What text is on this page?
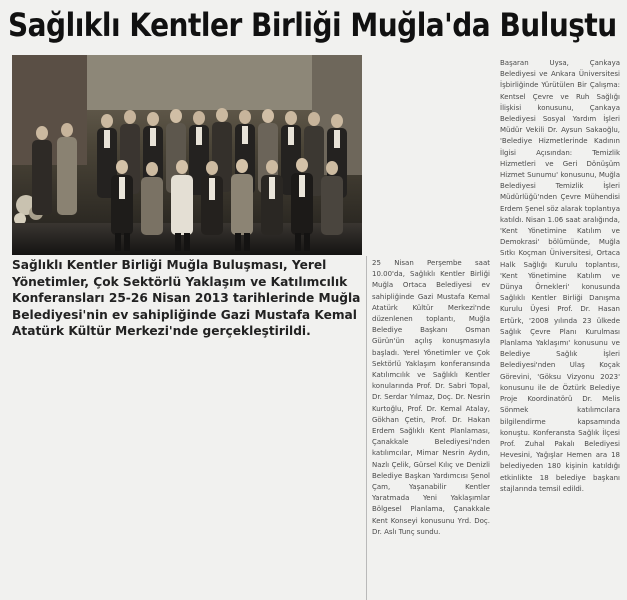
Sağlıklı Kentler Birliği Muğla'da Buluştu
Sağlıklı Kentler Birliği Muğla Buluşması, Yerel Yönetimler, Çok Sektörlü Yaklaşım ve Katılımcılık Konferansları 25-26 Nisan 2013 tarihlerinde Muğla Belediyesi'nin ev sahipliğinde Gazi Mustafa Kemal Atatürk Kültür Merkezi'nde gerçekleştirildi.
Başaran Uysa, Çankaya Belediyesi ve Ankara Üniversitesi İşbirliğinde Yürütülen Bir Çalışma: Kentsel Çevre ve Ruh Sağlığı İlişkisi konusunu, Çankaya Belediyesi Sosyal Yardım İşleri Müdür Vekili Dr. Aysun Sakaoğlu, 'Belediye Hizmetlerinde Kadının İlgisi Açısından: Temizlik Hizmetleri ve Geri Dönüşüm Hizmet Sunumu' konusunu, Muğla Belediyesi Temizlik İşleri Müdürlüğü'nden Çevre Mühendisi Erdem Şenel söz alarak toplantıya katıldı. Nisan 1.06 saat aralığında, 'Kent Yönetimine Katılım ve Demokrasi' bölümünde, Muğla Sıtkı Koçman Üniversitesi, Ortaca Halk Sağlığı Kurulu toplantısı, 'Kent Yönetimine Katılım ve Dünya Örnekleri' konusunda Sağlıklı Kentler Birliği Danışma Kurulu Üyesi Prof. Dr. Hasan Ertürk, '2008 yılında 23 ülkede Sağlık Çevre Planı Kurulması Planlama Yaklaşımı' konusunu ve Belediye Sağlık İşleri Belediyesi'nden Ulaş Koçak Görevini, 'Göksu Vizyonu 2023' konusunu ile de Öztürk Belediye Proje Koordinatörü Dr. Melis Sönmek katılımcılara bilgilendirme kapsamında konuştu. Konferansta Sağlık İlçesi Prof. Zuhal Pakalı Belediyesi Hevesini, Yağışlar Hemen ara 18 belediyeden 180 kişinin katıldığı etkinlikte 18 belediye başkanı stajlarında temsil edildi.
25 Nisan Perşembe saat 10.00'da, Sağlıklı Kentler Birliği Muğla Ortaca Belediyesi ev sahipliğinde Gazi Mustafa Kemal Atatürk Kültür Merkezi'nde düzenlenen toplantı, Muğla Belediye Başkanı Osman Gürün'ün açılış konuşmasıyla başladı. Yerel Yönetimler ve Çok Sektörlü Yaklaşım konferansında Katılımcılık ve Sağlıklı Kentler konularında Prof. Dr. Sabri Topal, Dr. Serdar Yılmaz, Doç. Dr. Nesrin Kurtoğlu, Prof. Dr. Kemal Atalay, Gökhan Çetin, Prof. Dr. Hakan Erdem Sağlıklı Kent Planlaması, Çanakkale Belediyesi'nden katılımcılar, Mimar Nesrin Aydın, Nazlı Çelik, Gürsel Kılıç ve Denizli Belediye Başkan Yardımcısı Şenol Çam, Yaşanabilir Kentler Yaratmada Yeni Yaklaşımlar Bölgesel Planlama, Çanakkale Kent Konseyi konusunu Yrd. Doç. Dr. Aslı Tunç sundu.
